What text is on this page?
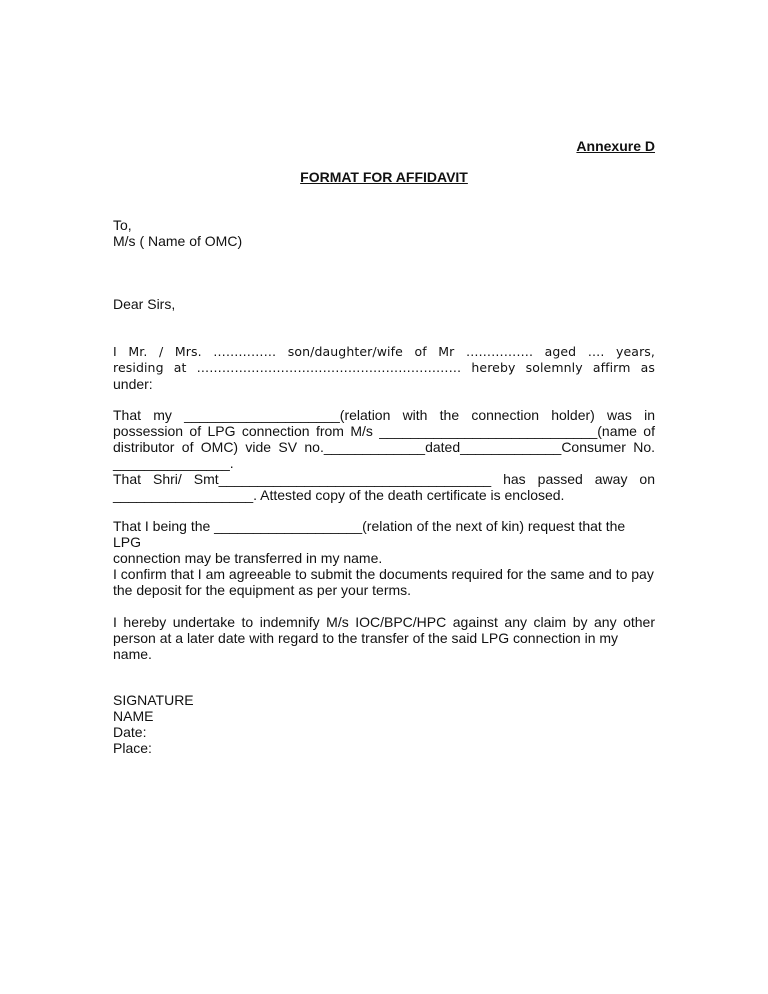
Annexure D
FORMAT FOR AFFIDAVIT
To,
M/s ( Name of OMC)
Dear Sirs,
I Mr. / Mrs. …………… son/daughter/wife of Mr ……………. aged …. years,
residing at ……………………………………………………… hereby solemnly affirm as
under:
That my ____________________(relation with the connection holder) was in
possession of LPG connection from M/s ____________________________(name of
distributor of OMC) vide SV no._____________dated_____________Consumer No.
_______________.
That Shri/ Smt___________________________________ has passed away on
__________________. Attested copy of the death certificate is enclosed.
That I being the ___________________(relation of the next of kin) request that the LPG
connection may be transferred in my name.
I confirm that I am agreeable to submit the documents required for the same and to pay
the deposit for the equipment as per your terms.
I hereby undertake to indemnify M/s IOC/BPC/HPC against any claim by any other
person at a later date with regard to the transfer of the said LPG connection in my name.
SIGNATURE
NAME
Date:
Place:
